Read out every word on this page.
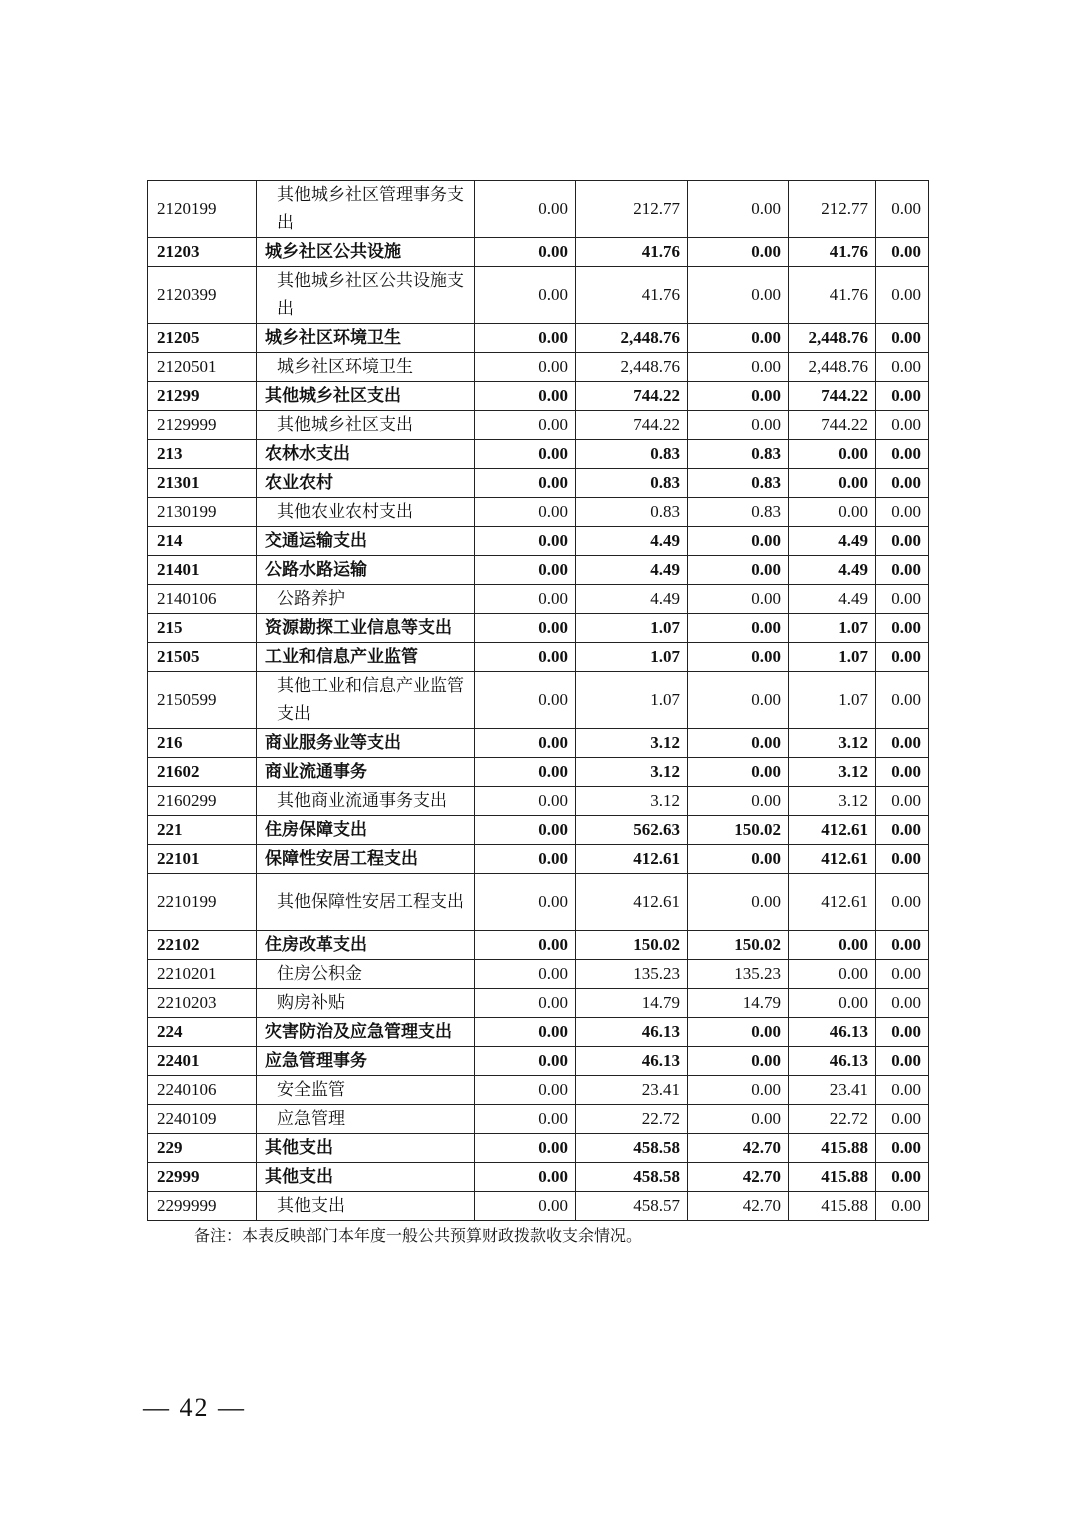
2120199	其他城乡社区管理事务支出	0.00	212.77	0.00	212.77	0.00
21203	城乡社区公共设施	0.00	41.76	0.00	41.76	0.00
2120399	其他城乡社区公共设施支出	0.00	41.76	0.00	41.76	0.00
21205	城乡社区环境卫生	0.00	2,448.76	0.00	2,448.76	0.00
2120501	城乡社区环境卫生	0.00	2,448.76	0.00	2,448.76	0.00
21299	其他城乡社区支出	0.00	744.22	0.00	744.22	0.00
2129999	其他城乡社区支出	0.00	744.22	0.00	744.22	0.00
213	农林水支出	0.00	0.83	0.83	0.00	0.00
21301	农业农村	0.00	0.83	0.83	0.00	0.00
2130199	其他农业农村支出	0.00	0.83	0.83	0.00	0.00
214	交通运输支出	0.00	4.49	0.00	4.49	0.00
21401	公路水路运输	0.00	4.49	0.00	4.49	0.00
2140106	公路养护	0.00	4.49	0.00	4.49	0.00
215	资源勘探工业信息等支出	0.00	1.07	0.00	1.07	0.00
21505	工业和信息产业监管	0.00	1.07	0.00	1.07	0.00
2150599	其他工业和信息产业监管支出	0.00	1.07	0.00	1.07	0.00
216	商业服务业等支出	0.00	3.12	0.00	3.12	0.00
21602	商业流通事务	0.00	3.12	0.00	3.12	0.00
2160299	其他商业流通事务支出	0.00	3.12	0.00	3.12	0.00
221	住房保障支出	0.00	562.63	150.02	412.61	0.00
22101	保障性安居工程支出	0.00	412.61	0.00	412.61	0.00
2210199	其他保障性安居工程支出	0.00	412.61	0.00	412.61	0.00
22102	住房改革支出	0.00	150.02	150.02	0.00	0.00
2210201	住房公积金	0.00	135.23	135.23	0.00	0.00
2210203	购房补贴	0.00	14.79	14.79	0.00	0.00
224	灾害防治及应急管理支出	0.00	46.13	0.00	46.13	0.00
22401	应急管理事务	0.00	46.13	0.00	46.13	0.00
2240106	安全监管	0.00	23.41	0.00	23.41	0.00
2240109	应急管理	0.00	22.72	0.00	22.72	0.00
229	其他支出	0.00	458.58	42.70	415.88	0.00
22999	其他支出	0.00	458.58	42.70	415.88	0.00
2299999	其他支出	0.00	458.57	42.70	415.88	0.00
备注：本表反映部门本年度一般公共预算财政拨款收支余情况。
— 42 —
